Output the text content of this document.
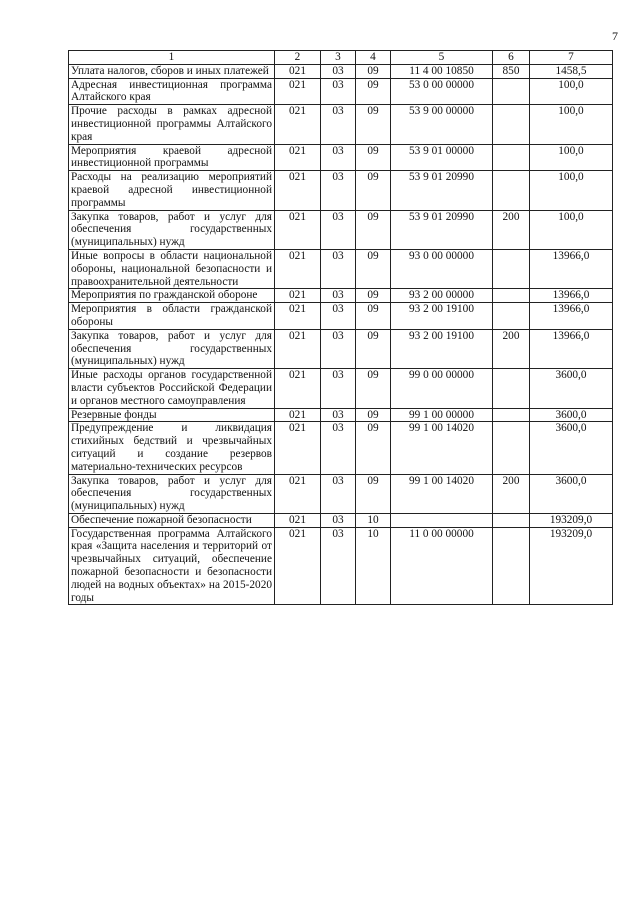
7
1	2	3	4	5	6	7
Уплата налогов, сборов и иных платежей	021	03	09	11 4 00 10850	850	1458,5
Адресная инвестиционная программа Алтайского края	021	03	09	53 0 00 00000		100,0
Прочие расходы в рамках адресной инвестиционной программы Алтайского края	021	03	09	53 9 00 00000		100,0
Мероприятия краевой адресной инвестиционной программы	021	03	09	53 9 01 00000		100,0
Расходы на реализацию мероприятий краевой адресной инвестиционной программы	021	03	09	53 9 01 20990		100,0
Закупка товаров, работ и услуг для обеспечения государственных (муниципальных) нужд	021	03	09	53 9 01 20990	200	100,0
Иные вопросы в области национальной обороны, национальной безопасности и правоохранительной деятельности	021	03	09	93 0 00 00000		13966,0
Мероприятия по гражданской обороне	021	03	09	93 2 00 00000		13966,0
Мероприятия в области гражданской обороны	021	03	09	93 2 00 19100		13966,0
Закупка товаров, работ и услуг для обеспечения государственных (муниципальных) нужд	021	03	09	93 2 00 19100	200	13966,0
Иные расходы органов государственной власти субъектов Российской Федерации и органов местного самоуправления	021	03	09	99 0 00 00000		3600,0
Резервные фонды	021	03	09	99 1 00 00000		3600,0
Предупреждение и ликвидация стихийных бедствий и чрезвычайных ситуаций и создание резервов материально-технических ресурсов	021	03	09	99 1 00 14020		3600,0
Закупка товаров, работ и услуг для обеспечения государственных (муниципальных) нужд	021	03	09	99 1 00 14020	200	3600,0
Обеспечение пожарной безопасности	021	03	10			193209,0
Государственная программа Алтайского края «Защита населения и территорий от чрезвычайных ситуаций, обеспечение пожарной безопасности и безопасности людей на водных объектах» на 2015-2020 годы	021	03	10	11 0 00 00000		193209,0
